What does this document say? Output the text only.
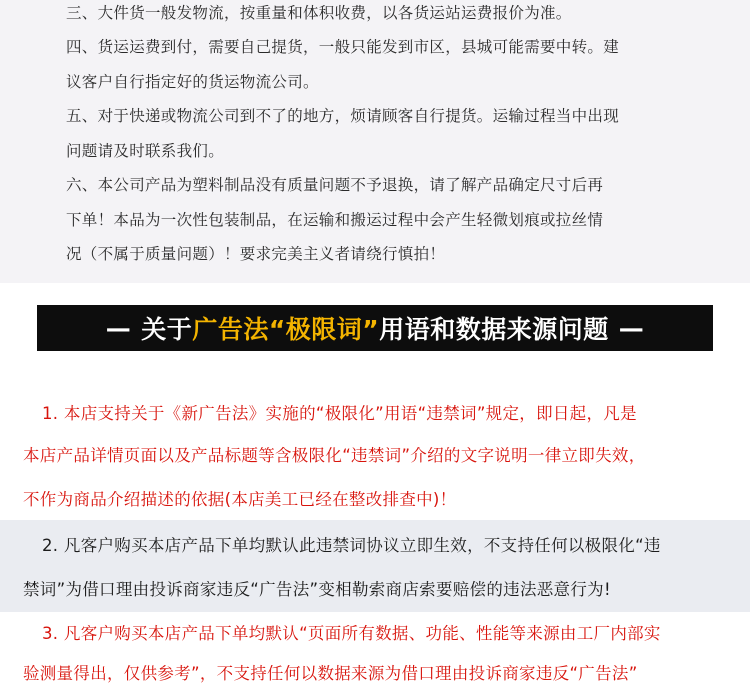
三、大件货一般发物流，按重量和体积收费，以各货运站运费报价为准。

四、货运运费到付，需要自己提货，一般只能发到市区，县城可能需要中转。建

议客户自行指定好的货运物流公司。

五、对于快递或物流公司到不了的地方，烦请顾客自行提货。运输过程当中出现

问题请及时联系我们。

六、本公司产品为塑料制品没有质量问题不予退换，请了解产品确定尺寸后再

下单！本品为一次性包装制品，在运输和搬运过程中会产生轻微划痕或拉丝情

况（不属于质量问题）！要求完美主义者请绕行慎拍！

— 关于 广告法“极限词” 用语和数据来源问题 —

1. 本店支持关于《新广告法》实施的“极限化”用语“违禁词”规定，即日起，凡是

本店产品详情页面以及产品标题等含极限化“违禁词”介绍的文字说明一律立即失效，

不作为商品介绍描述的依据(本店美工已经在整改排查中)！

2. 凡客户购买本店产品下单均默认此违禁词协议立即生效，不支持任何以极限化“违

禁词”为借口理由投诉商家违反“广告法”变相勒索商店索要赔偿的违法恶意行为!

3. 凡客户购买本店产品下单均默认“页面所有数据、功能、性能等来源由工厂内部实

验测量得出，仅供参考”，不支持任何以数据来源为借口理由投诉商家违反“广告法”
